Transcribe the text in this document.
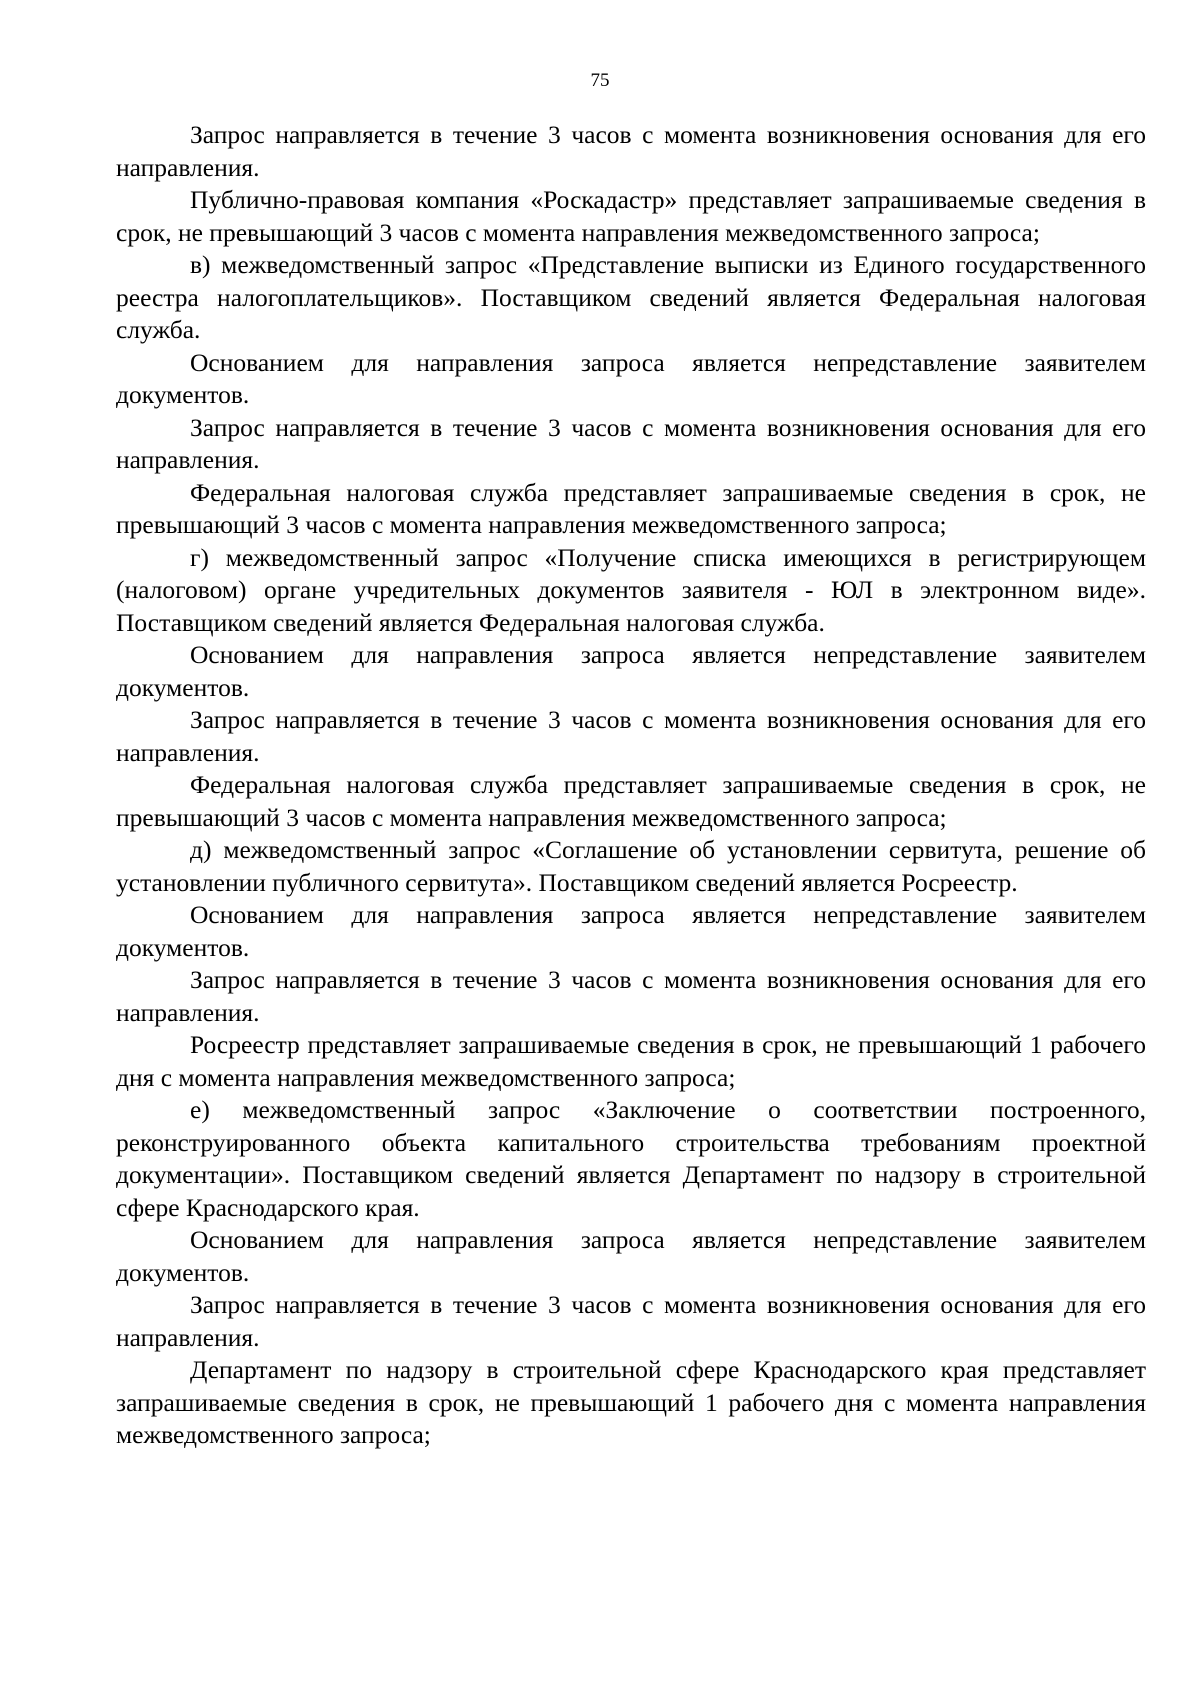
75

Запрос направляется в течение 3 часов с момента возникновения основания для его направления.

Публично-правовая компания «Роскадастр» представляет запрашиваемые сведения в срок, не превышающий 3 часов с момента направления межведомственного запроса;

в) межведомственный запрос «Представление выписки из Единого государственного реестра налогоплательщиков». Поставщиком сведений является Федеральная налоговая служба.

Основанием для направления запроса является непредставление заявителем документов.

Запрос направляется в течение 3 часов с момента возникновения основания для его направления.

Федеральная налоговая служба представляет запрашиваемые сведения в срок, не превышающий 3 часов с момента направления межведомственного запроса;

г) межведомственный запрос «Получение списка имеющихся в регистрирующем (налоговом) органе учредительных документов заявителя - ЮЛ в электронном виде». Поставщиком сведений является Федеральная налоговая служба.

Основанием для направления запроса является непредставление заявителем документов.

Запрос направляется в течение 3 часов с момента возникновения основания для его направления.

Федеральная налоговая служба представляет запрашиваемые сведения в срок, не превышающий 3 часов с момента направления межведомственного запроса;

д) межведомственный запрос «Соглашение об установлении сервитута, решение об установлении публичного сервитута». Поставщиком сведений является Росреестр.

Основанием для направления запроса является непредставление заявителем документов.

Запрос направляется в течение 3 часов с момента возникновения основания для его направления.

Росреестр представляет запрашиваемые сведения в срок, не превышающий 1 рабочего дня с момента направления межведомственного запроса;

е) межведомственный запрос «Заключение о соответствии построенного, реконструированного объекта капитального строительства требованиям проектной документации». Поставщиком сведений является Департамент по надзору в строительной сфере Краснодарского края.

Основанием для направления запроса является непредставление заявителем документов.

Запрос направляется в течение 3 часов с момента возникновения основания для его направления.

Департамент по надзору в строительной сфере Краснодарского края представляет запрашиваемые сведения в срок, не превышающий 1 рабочего дня с момента направления межведомственного запроса;
